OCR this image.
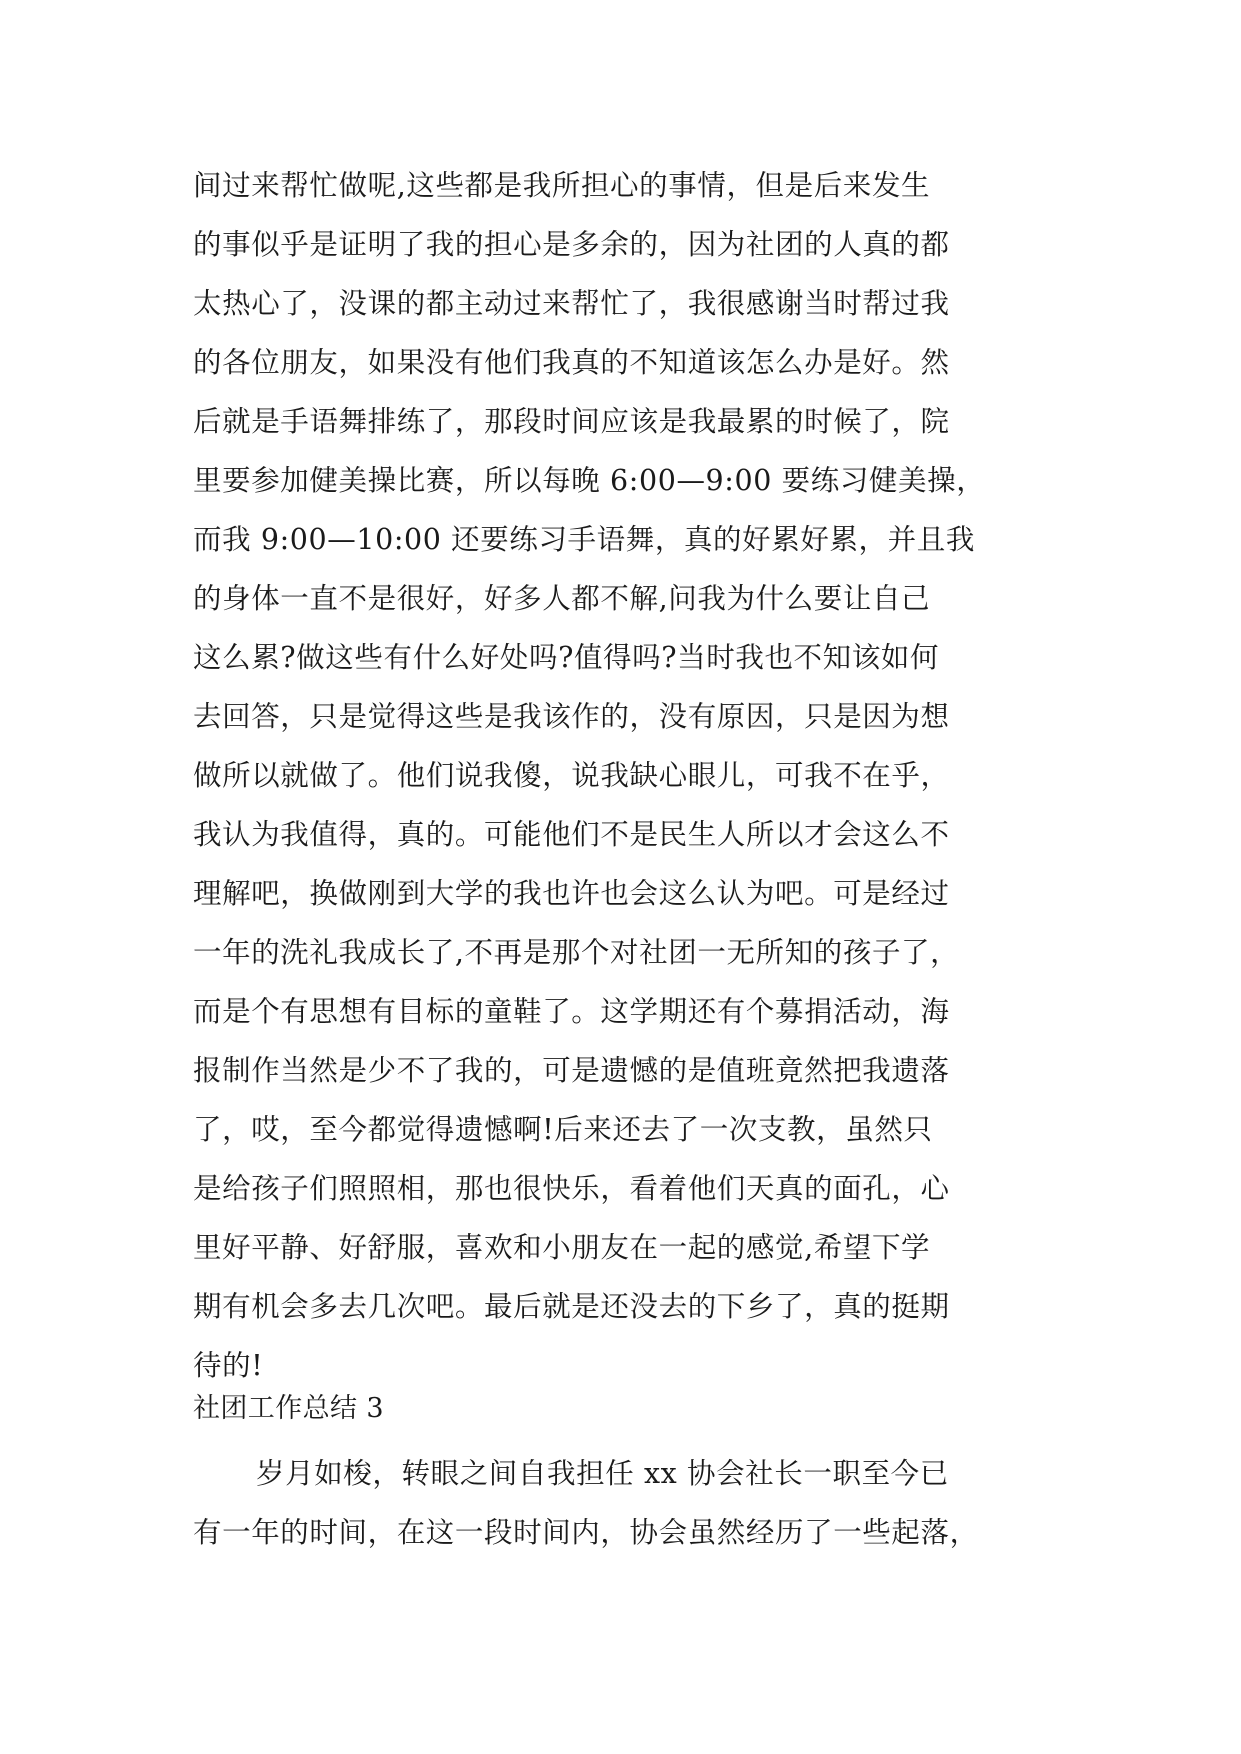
间过来帮忙做呢,这些都是我所担心的事情，但是后来发生
的事似乎是证明了我的担心是多余的，因为社团的人真的都
太热心了，没课的都主动过来帮忙了，我很感谢当时帮过我
的各位朋友，如果没有他们我真的不知道该怎么办是好。然
后就是手语舞排练了，那段时间应该是我最累的时候了，院
里要参加健美操比赛，所以每晚 6:00—9:00 要练习健美操，
而我 9:00—10:00 还要练习手语舞，真的好累好累，并且我
的身体一直不是很好，好多人都不解,问我为什么要让自己
这么累?做这些有什么好处吗?值得吗?当时我也不知该如何
去回答，只是觉得这些是我该作的，没有原因，只是因为想
做所以就做了。他们说我傻，说我缺心眼儿，可我不在乎，
我认为我值得，真的。可能他们不是民生人所以才会这么不
理解吧，换做刚到大学的我也许也会这么认为吧。可是经过
一年的洗礼我成长了,不再是那个对社团一无所知的孩子了，
而是个有思想有目标的童鞋了。这学期还有个募捐活动，海
报制作当然是少不了我的，可是遗憾的是值班竟然把我遗落
了，哎，至今都觉得遗憾啊!后来还去了一次支教，虽然只
是给孩子们照照相，那也很快乐，看着他们天真的面孔，心
里好平静、好舒服，喜欢和小朋友在一起的感觉,希望下学
期有机会多去几次吧。最后就是还没去的下乡了，真的挺期
待的!
社团工作总结 3
岁月如梭，转眼之间自我担任 xx 协会社长一职至今已
有一年的时间，在这一段时间内，协会虽然经历了一些起落，
